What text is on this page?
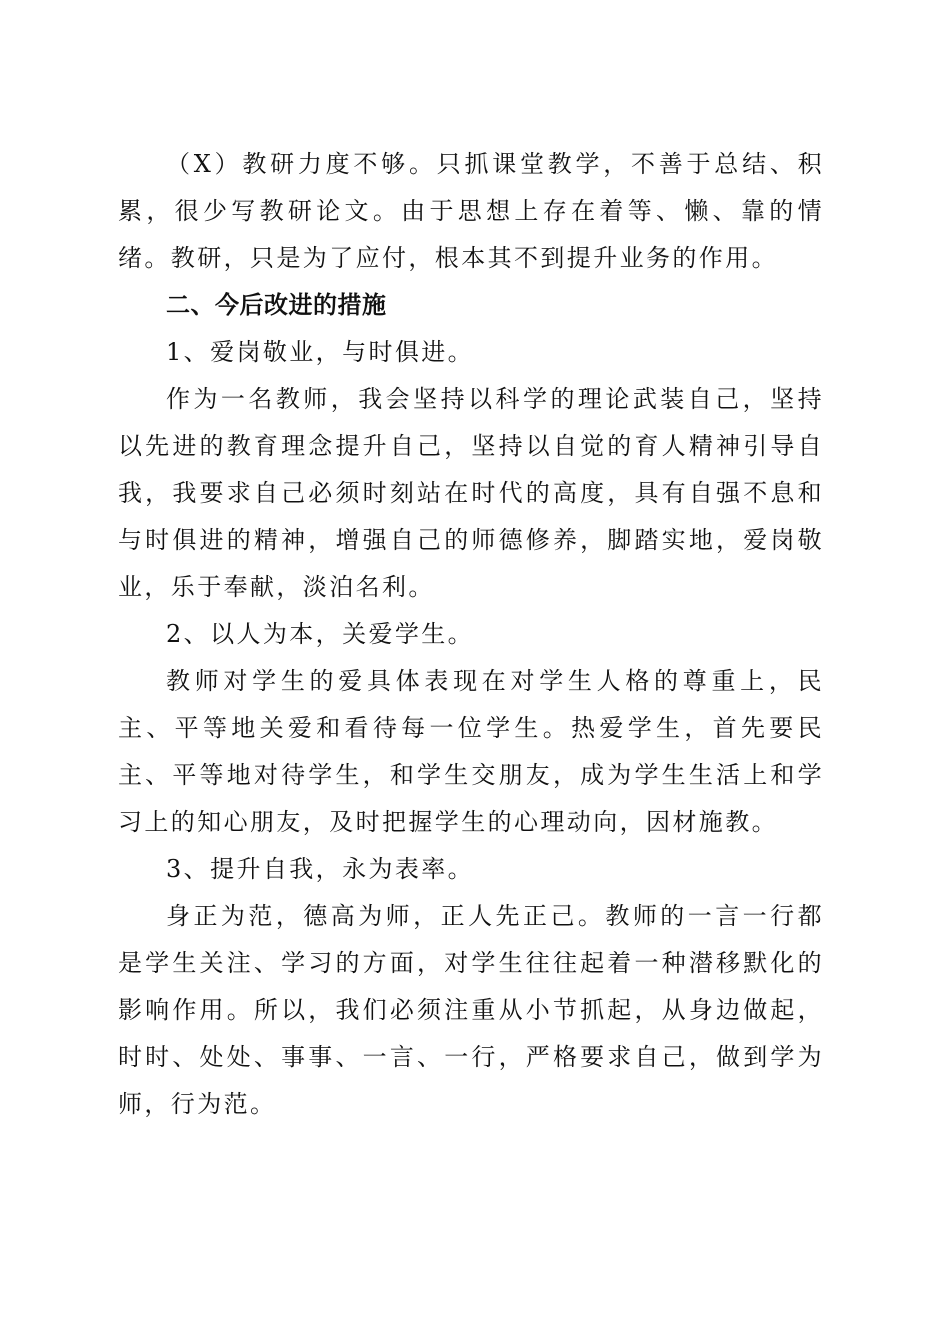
（X）教研力度不够。只抓课堂教学，不善于总结、积累，很少写教研论文。由于思想上存在着等、懒、靠的情绪。教研，只是为了应付，根本其不到提升业务的作用。

二、今后改进的措施

1、爱岗敬业，与时俱进。

作为一名教师，我会坚持以科学的理论武装自己，坚持以先进的教育理念提升自己，坚持以自觉的育人精神引导自我，我要求自己必须时刻站在时代的高度，具有自强不息和与时俱进的精神，增强自己的师德修养，脚踏实地，爱岗敬业，乐于奉献，淡泊名利。

2、以人为本，关爱学生。

教师对学生的爱具体表现在对学生人格的尊重上，民主、平等地关爱和看待每一位学生。热爱学生，首先要民主、平等地对待学生，和学生交朋友，成为学生生活上和学习上的知心朋友，及时把握学生的心理动向，因材施教。

3、提升自我，永为表率。

身正为范，德高为师，正人先正己。教师的一言一行都是学生关注、学习的方面，对学生往往起着一种潜移默化的影响作用。所以，我们必须注重从小节抓起，从身边做起，时时、处处、事事、一言、一行，严格要求自己，做到学为师，行为范。
